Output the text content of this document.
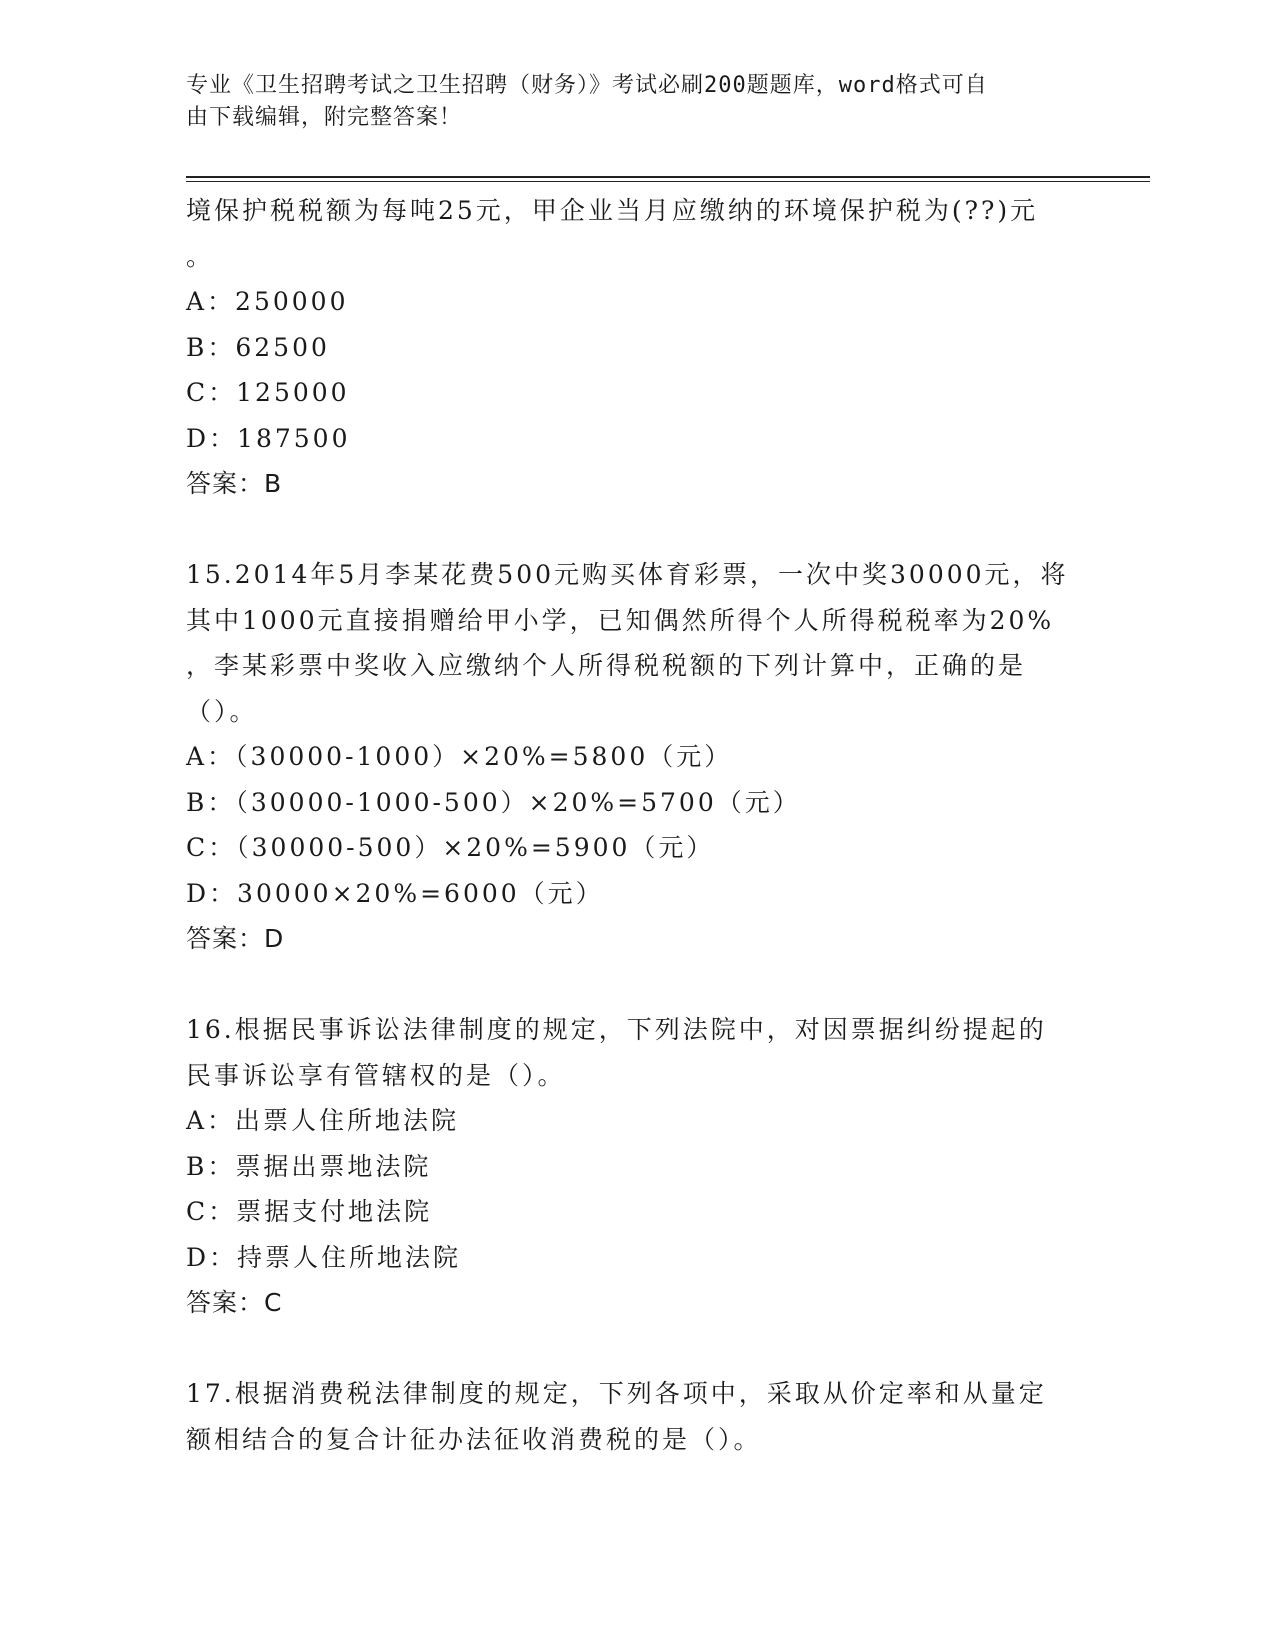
专业《卫生招聘考试之卫生招聘（财务）》考试必刷200题题库，word格式可自
由下载编辑，附完整答案！
境保护税税额为每吨25元，甲企业当月应缴纳的环境保护税为(??)元
。
A：250000
B：62500
C：125000
D：187500
答案：B
15.2014年5月李某花费500元购买体育彩票，一次中奖30000元，将
其中1000元直接捐赠给甲小学，已知偶然所得个人所得税税率为20%
，李某彩票中奖收入应缴纳个人所得税税额的下列计算中，正确的是
（）。
A：（30000-1000）×20%=5800（元）
B：（30000-1000-500）×20%=5700（元）
C：（30000-500）×20%=5900（元）
D：30000×20%=6000（元）
答案：D
16.根据民事诉讼法律制度的规定，下列法院中，对因票据纠纷提起的
民事诉讼享有管辖权的是（）。
A：出票人住所地法院
B：票据出票地法院
C：票据支付地法院
D：持票人住所地法院
答案：C
17.根据消费税法律制度的规定，下列各项中，采取从价定率和从量定
额相结合的复合计征办法征收消费税的是（）。
